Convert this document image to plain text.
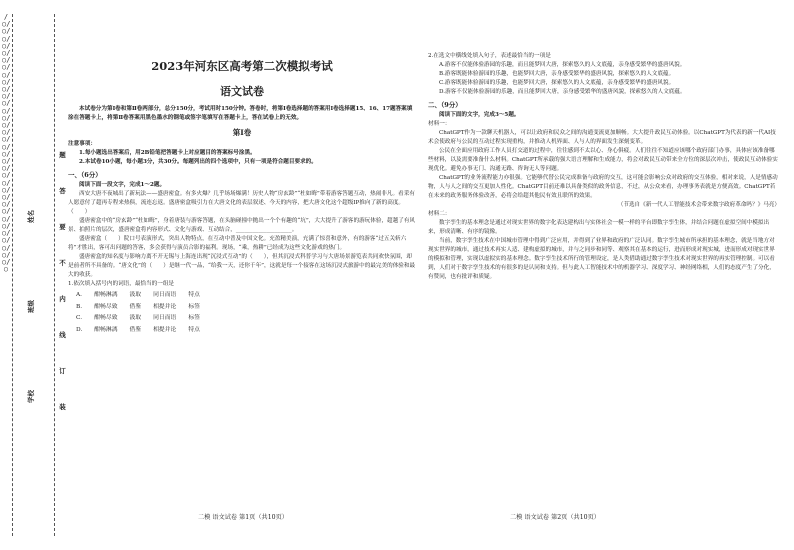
/○/○/○/○/○/○/○/○/○/○/○/○/○/○/○/○/○/○/○/○/○/○/○/○/○/○/○/○/○/○/○/○/○/○/○
姓名
班级
学校
题
答
要
不
内
线
订
装
2023年河东区高考第二次模拟考试
语文试卷

本试卷分为第Ⅰ卷和第Ⅱ卷两部分，总分150分，考试用时150分钟。答卷时，将第Ⅰ卷选择题的答案用Ⅰ卷选择题15、16、17题答案填涂在答题卡上，将第Ⅱ卷答案用黑色墨水的钢笔或签字笔填写在答题卡上，答在试卷上的无效。

第Ⅰ卷

注意事项：

1.每小题选出答案后，用2B铅笔把答题卡上对应题目的答案标号涂黑。

2.本试卷10小题，每小题3分，共30分。每题列出的四个选项中，只有一项是符合题目要求的。

一、（6分）

阅读下面一段文字，完成1～2题。

西安大唐不夜城出了新玩法——盛唐密盒。有多火爆？几乎场场爆满！历史人物“房玄龄”“杜如晦”带着游客答题互动，热闹非凡。看采有人愿意付了超再专程来热俱，流连忘返。盛唐密盒吸引力在大唐文化的表层叙述、今天的内容，把大唐文化这个超级IP推向了新的高度。（　　）

盛唐密盒中的“房玄龄”“杜如晦”，身着唐装与游客答题，在头脑碰撞中抛出一个个有趣的“坑”，大大提升了游客的游玩体验，超越了有风景、拍照片的层次，盛唐密盒将内容形式、文化与游戏、互动结合，____________________。

盛唐密盒（　　）院口号表演形式，突出人物特点，在互动中普及中国文化。充盈精美演，充满了惊喜和意外，有的游客“过五关斩六将”才胜出，客可出问题的答客，多会获得与演员合影的福利。现场，“乘，热耕”已经成为这些文化游戏的热门。

盛唐密盒的知名度与影响力离不开无锡与上海连出现“沉浸式互动”的（　　），但其沉浸式科普学习与大唐场景游览表共同欢快氛围，却是前者所不具备的。“唐文化”的（　　）是继一代一品，“给我一天，还你千年”，这就是每一个接客在这场沉浸式旅游中的最完美的体验和最大的收获。

1.依次填入括号内的词语，最恰当的一组是

A.	酣畅淋漓	汲取	同日而语	特点
B.	酣畅尽致	借鉴	相提并论	标签
C.	酣畅尽致	汲取	同日而语	标签
D.	酣畅淋漓	借鉴	相提并论	特点
二模 语文试卷 第1页（共10页）

2.在选文中横线处填入句子，表述最恰当的一项是

A.游客不仅能体验游园的乐趣，而且能梦回大唐，探索悠久的人文底蕴，亲身感受繁华的盛唐风貌。

B.游客既能体验游园的乐趣，也能梦回大唐，亲身感受繁华的盛唐风貌，探索悠久的人文底蕴。

C.游客既能体验游园的乐趣，也能梦回大唐，探索悠久的人文底蕴，亲身感受繁华的盛唐风貌。

D.游客不仅能体验游园的乐趣，而且能梦回大唐，亲身感受繁华的盛唐风貌，探索悠久的人文底蕴。

二、（9分）

阅读下面的文字，完成3～5题。

材料一：

ChatGPT作为一款聊天机器人，可以让政府和民众之间的沟通变流更加顺畅。大大提升政民互动体验。以ChatGPT为代表的新一代AI技术会使政府与公民的互动过程实现重构，并推动人机界面、人与人的界面发生深刻变革。

公民在全面应用政府工作人员打交道的过程中，往往感到不太以心、身心俱疲。人们往往不知道应该哪个政府部门办事，具体应该准备哪些材料，以及需要准备什么材料。ChatGPT所承载的强大语言理解和生成能力，将会对政民互动带来全方位的深层次冲击，使政民互动体验实现优化。避免办事无门、沟通无路、咨询无人等问题。

ChatGPT的业务流程能力亦很强。它能够代替公民完成准备与政府的交互，这可能会影响公众对政府的交互体验，相对来说，人是情感动物，人与人之间的交互更加人性化。ChatGPT目前还难以具备类似的政务信息，不过，从公众来看，办理事务表就是方便高效。ChatGPT若在未来的政务服务体验改善，必将会给超其他民有效且联所的效果。

（节选自《新一代人工智能技术会带来数字政府革命吗？》马亮）

材料二：

数字孪生的基本理念是通过对现实世界的数字化表达建构出与实体社会一模一样的平台即数字孪生体，并结合问题在虚拟空间中模拟出来，形成清晰、有序的镜像。

当前，数字孪生技术在中国城市管理中得到广泛应用，并得到了业界和政府的广泛认同。数字孪生城市所承担的基本理念，就是当地方对现实世界的城市，通过技术再实人适、建构虚拟的城市，并与之同步和同等、观察其在基本的运行，进而形成对现实城，进而形成对现实世界的模拟和管理，实现以虚拟实的基本理念。数字孪生技术所行的管理设定，是人类借助通过数字孪生技术对现实世界的再实管理控制。可以看到，人们对于数字孪生技术的有很多的是认同和支持。但与此人工智能技术中的机器学习、深度学习、神经网络相，人们的态度产生了分化，有赞同，也有批评和质疑。

二模 语文试卷 第2页（共10页）
